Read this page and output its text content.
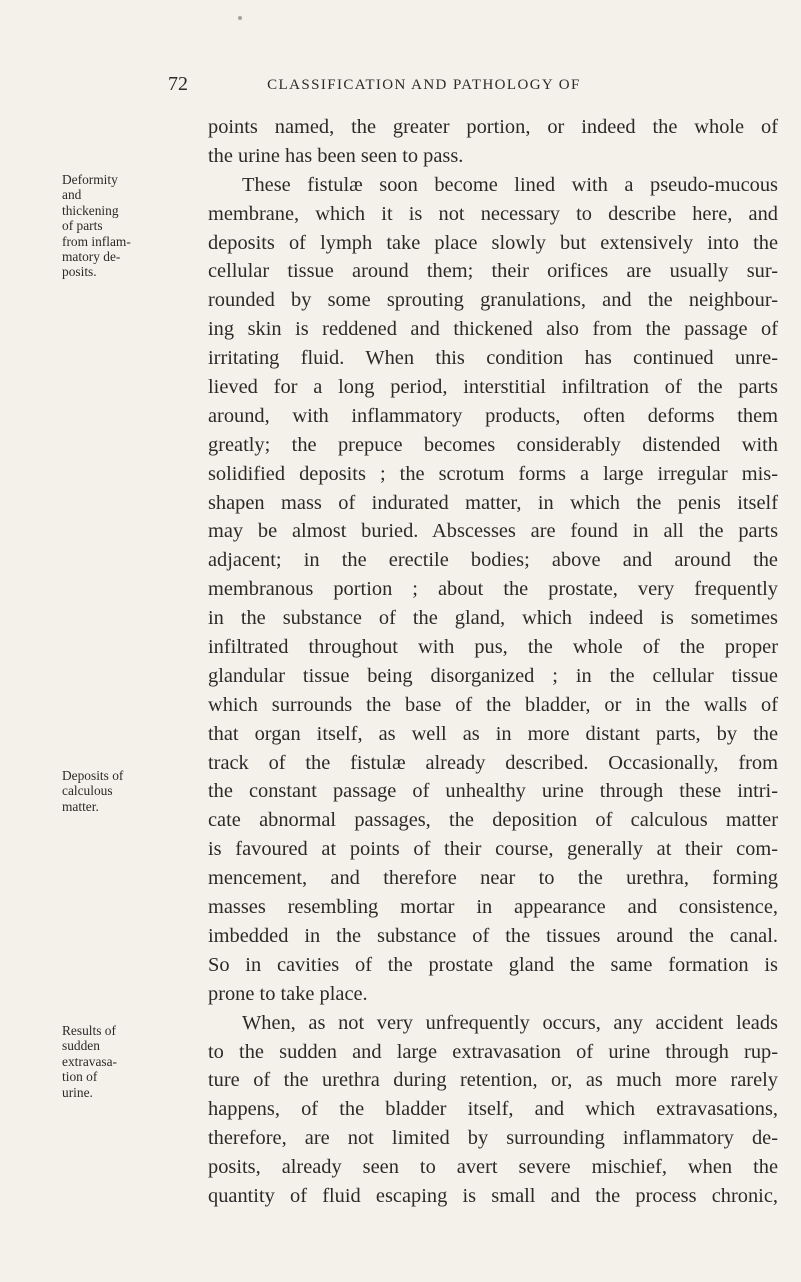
72	CLASSIFICATION AND PATHOLOGY OF
Deformity
and
thickening
of parts
from inflam-
matory de-
posits.
Deposits of
calculous
matter.
Results of
sudden
extravasa-
tion of
urine.
points named, the greater portion, or indeed the whole of
the urine has been seen to pass.
These fistulæ soon become lined with a pseudo-mucous
membrane, which it is not necessary to describe here, and
deposits of lymph take place slowly but extensively into the
cellular tissue around them; their orifices are usually sur-
rounded by some sprouting granulations, and the neighbour-
ing skin is reddened and thickened also from the passage of
irritating fluid. When this condition has continued unre-
lieved for a long period, interstitial infiltration of the parts
around, with inflammatory products, often deforms them
greatly; the prepuce becomes considerably distended with
solidified deposits ; the scrotum forms a large irregular mis-
shapen mass of indurated matter, in which the penis itself
may be almost buried. Abscesses are found in all the parts
adjacent; in the erectile bodies; above and around the
membranous portion ; about the prostate, very frequently
in the substance of the gland, which indeed is sometimes
infiltrated throughout with pus, the whole of the proper
glandular tissue being disorganized ; in the cellular tissue
which surrounds the base of the bladder, or in the walls of
that organ itself, as well as in more distant parts, by the
track of the fistulæ already described. Occasionally, from
the constant passage of unhealthy urine through these intri-
cate abnormal passages, the deposition of calculous matter
is favoured at points of their course, generally at their com-
mencement, and therefore near to the urethra, forming
masses resembling mortar in appearance and consistence,
imbedded in the substance of the tissues around the canal.
So in cavities of the prostate gland the same formation is
prone to take place.
When, as not very unfrequently occurs, any accident leads
to the sudden and large extravasation of urine through rup-
ture of the urethra during retention, or, as much more rarely
happens, of the bladder itself, and which extravasations,
therefore, are not limited by surrounding inflammatory de-
posits, already seen to avert severe mischief, when the
quantity of fluid escaping is small and the process chronic,
